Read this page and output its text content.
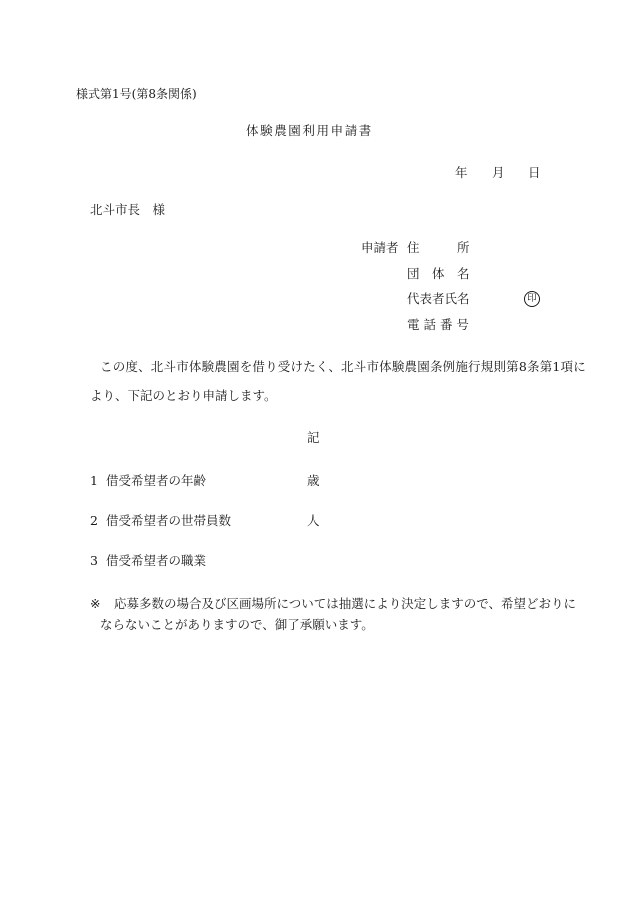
様式第1号(第8条関係)
体験農園利用申請書
年 月 日
北斗市長　様
申請者 住　　　所
団　体　名
代表者氏名	印
電 話 番 号
この度、北斗市体験農園を借り受けたく、北斗市体験農園条例施行規則第8条第1項に
より、下記のとおり申請します。
記
1 借受希望者の年齢	歳
2 借受希望者の世帯員数	人
3 借受希望者の職業
※ 応募多数の場合及び区画場所については抽選により決定しますので、希望どおりに
ならないことがありますので、御了承願います。
